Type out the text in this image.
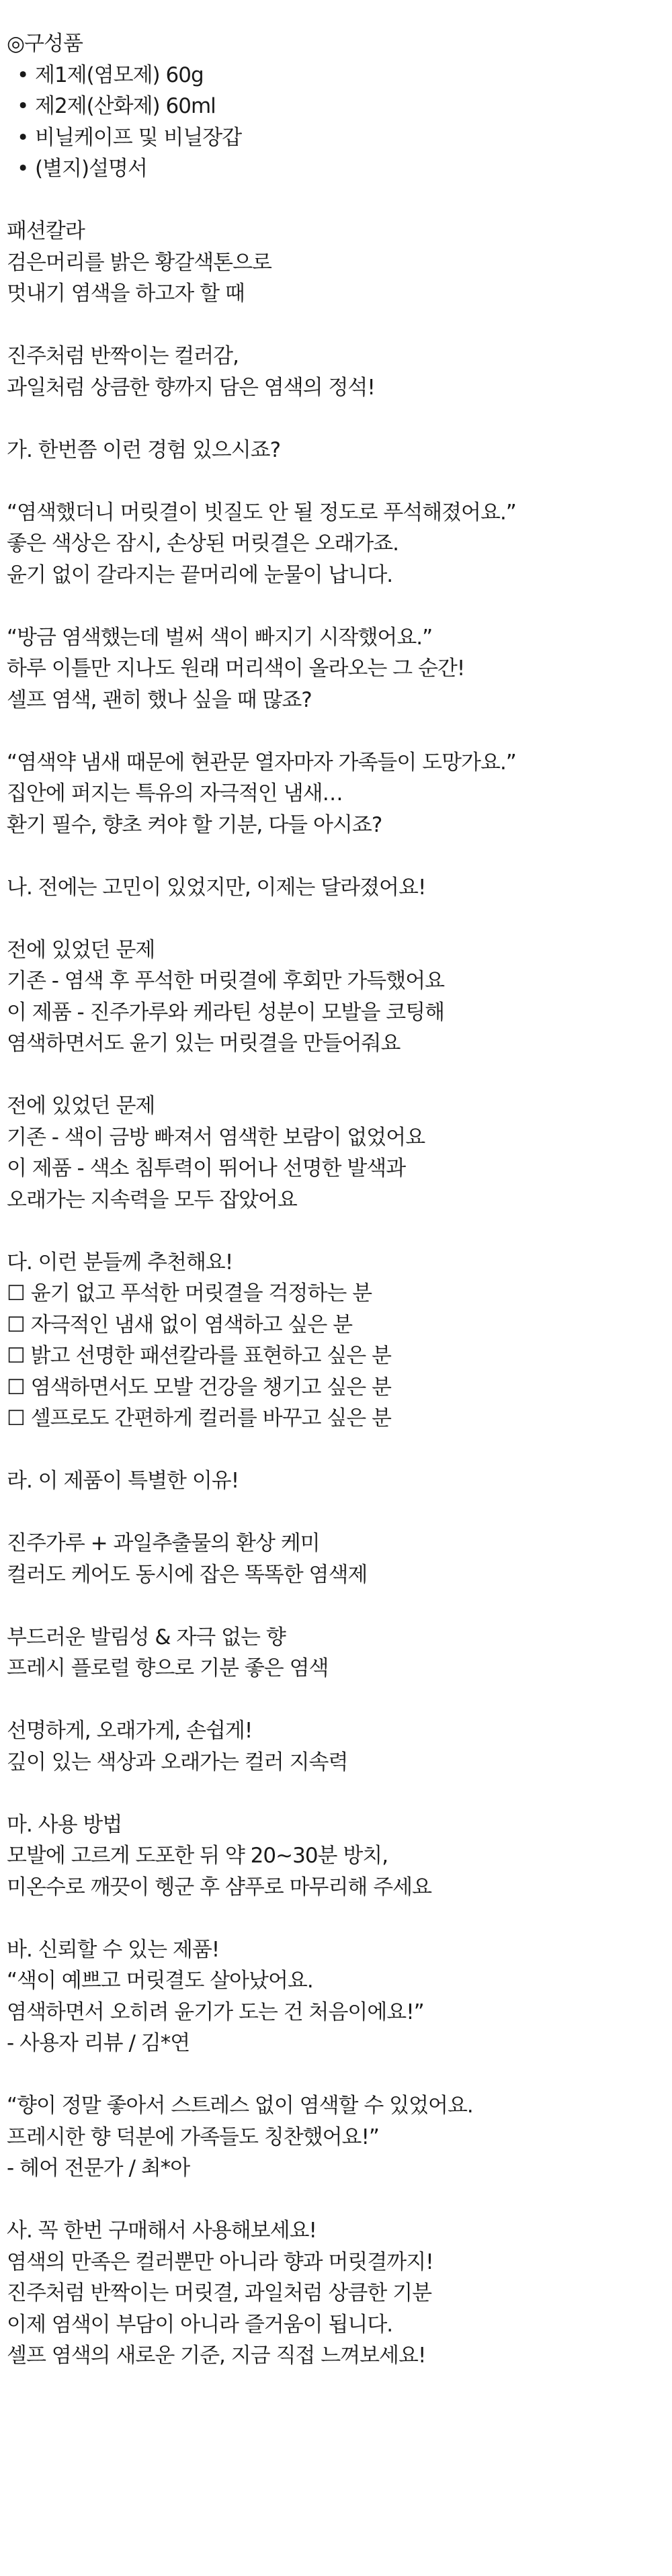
◎구성품
• 제1제(염모제) 60g
• 제2제(산화제) 60ml
• 비닐케이프 및 비닐장갑
• (별지)설명서
패션칼라
검은머리를 밝은 황갈색톤으로
멋내기 염색을 하고자 할 때
진주처럼 반짝이는 컬러감,
과일처럼 상큼한 향까지 담은 염색의 정석!
가. 한번쯤 이런 경험 있으시죠?
“염색했더니 머릿결이 빗질도 안 될 정도로 푸석해졌어요.”
좋은 색상은 잠시, 손상된 머릿결은 오래가죠.
윤기 없이 갈라지는 끝머리에 눈물이 납니다.
“방금 염색했는데 벌써 색이 빠지기 시작했어요.”
하루 이틀만 지나도 원래 머리색이 올라오는 그 순간!
셀프 염색, 괜히 했나 싶을 때 많죠?
“염색약 냄새 때문에 현관문 열자마자 가족들이 도망가요.”
집안에 퍼지는 특유의 자극적인 냄새…
환기 필수, 향초 켜야 할 기분, 다들 아시죠?
나. 전에는 고민이 있었지만, 이제는 달라졌어요!
전에 있었던 문제
기존 - 염색 후 푸석한 머릿결에 후회만 가득했어요
이 제품 - 진주가루와 케라틴 성분이 모발을 코팅해
염색하면서도 윤기 있는 머릿결을 만들어줘요
전에 있었던 문제
기존 - 색이 금방 빠져서 염색한 보람이 없었어요
이 제품 - 색소 침투력이 뛰어나 선명한 발색과
오래가는 지속력을 모두 잡았어요
다. 이런 분들께 추천해요!
☐ 윤기 없고 푸석한 머릿결을 걱정하는 분
☐ 자극적인 냄새 없이 염색하고 싶은 분
☐ 밝고 선명한 패션칼라를 표현하고 싶은 분
☐ 염색하면서도 모발 건강을 챙기고 싶은 분
☐ 셀프로도 간편하게 컬러를 바꾸고 싶은 분
라. 이 제품이 특별한 이유!
진주가루 + 과일추출물의 환상 케미
컬러도 케어도 동시에 잡은 똑똑한 염색제
부드러운 발림성 & 자극 없는 향
프레시 플로럴 향으로 기분 좋은 염색
선명하게, 오래가게, 손쉽게!
깊이 있는 색상과 오래가는 컬러 지속력
마. 사용 방법
모발에 고르게 도포한 뒤 약 20~30분 방치,
미온수로 깨끗이 헹군 후 샴푸로 마무리해 주세요
바. 신뢰할 수 있는 제품!
“색이 예쁘고 머릿결도 살아났어요.
염색하면서 오히려 윤기가 도는 건 처음이에요!”
- 사용자 리뷰 / 김*연
“향이 정말 좋아서 스트레스 없이 염색할 수 있었어요.
프레시한 향 덕분에 가족들도 칭찬했어요!”
- 헤어 전문가 / 최*아
사. 꼭 한번 구매해서 사용해보세요!
염색의 만족은 컬러뿐만 아니라 향과 머릿결까지!
진주처럼 반짝이는 머릿결, 과일처럼 상큼한 기분
이제 염색이 부담이 아니라 즐거움이 됩니다.
셀프 염색의 새로운 기준, 지금 직접 느껴보세요!
